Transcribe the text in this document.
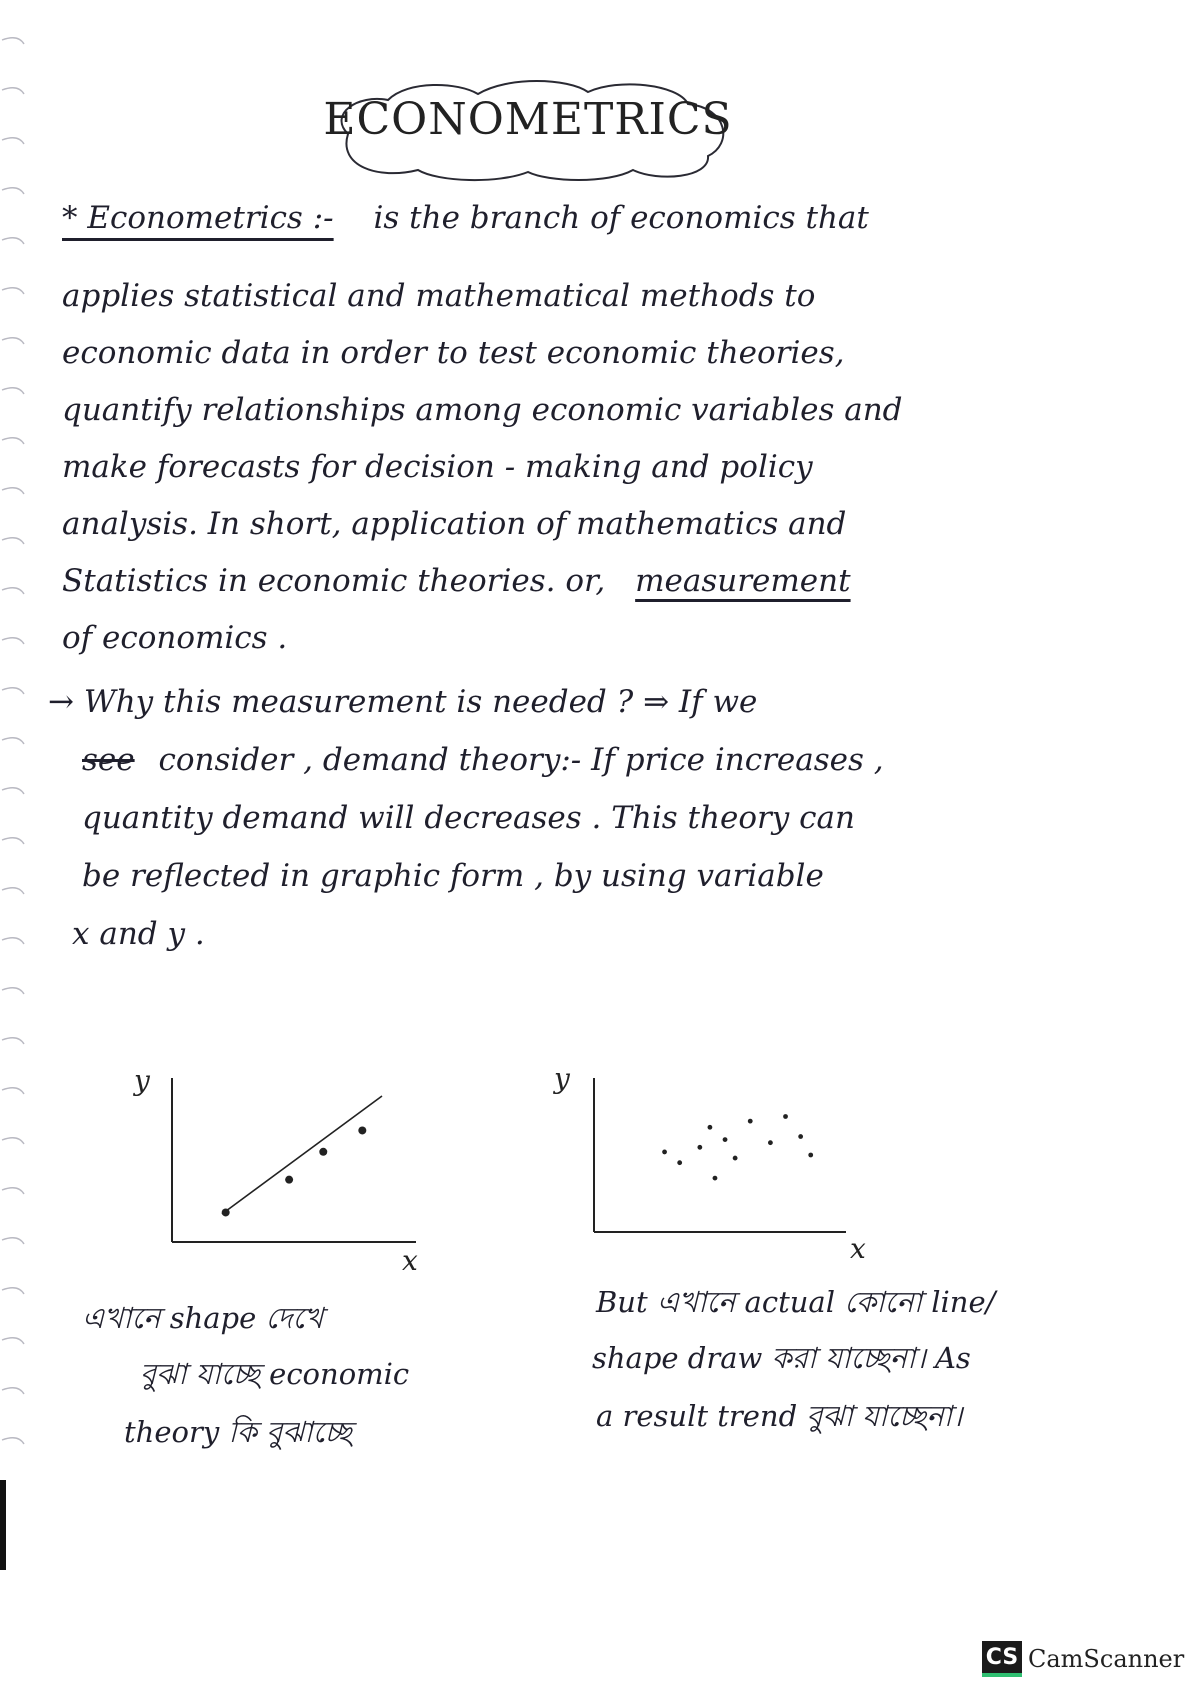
ECONOMETRICS
* Econometrics :- is the branch of economics that
applies statistical and mathematical methods to
economic data in order to test economic theories,
quantify relationships among economic variables and
make forecasts for decision - making and policy
analysis. In short, application of mathematics and
Statistics in economic theories. or, measurement
of economics .
→ Why this measurement is needed ? ⇒ If we
see consider , demand theory:- If price increases ,
quantity demand will decreases . This theory can
be reflected in graphic form , by using variable
x and y .
y
x
y
x
এখানে shape দেখে
বুঝা যাচ্ছে economic
theory কি বুঝাচ্ছে
But এখানে actual কোনো line/
shape draw করা যাচ্ছেনা। As
a result trend বুঝা যাচ্ছেনা।
CS CamScanner
